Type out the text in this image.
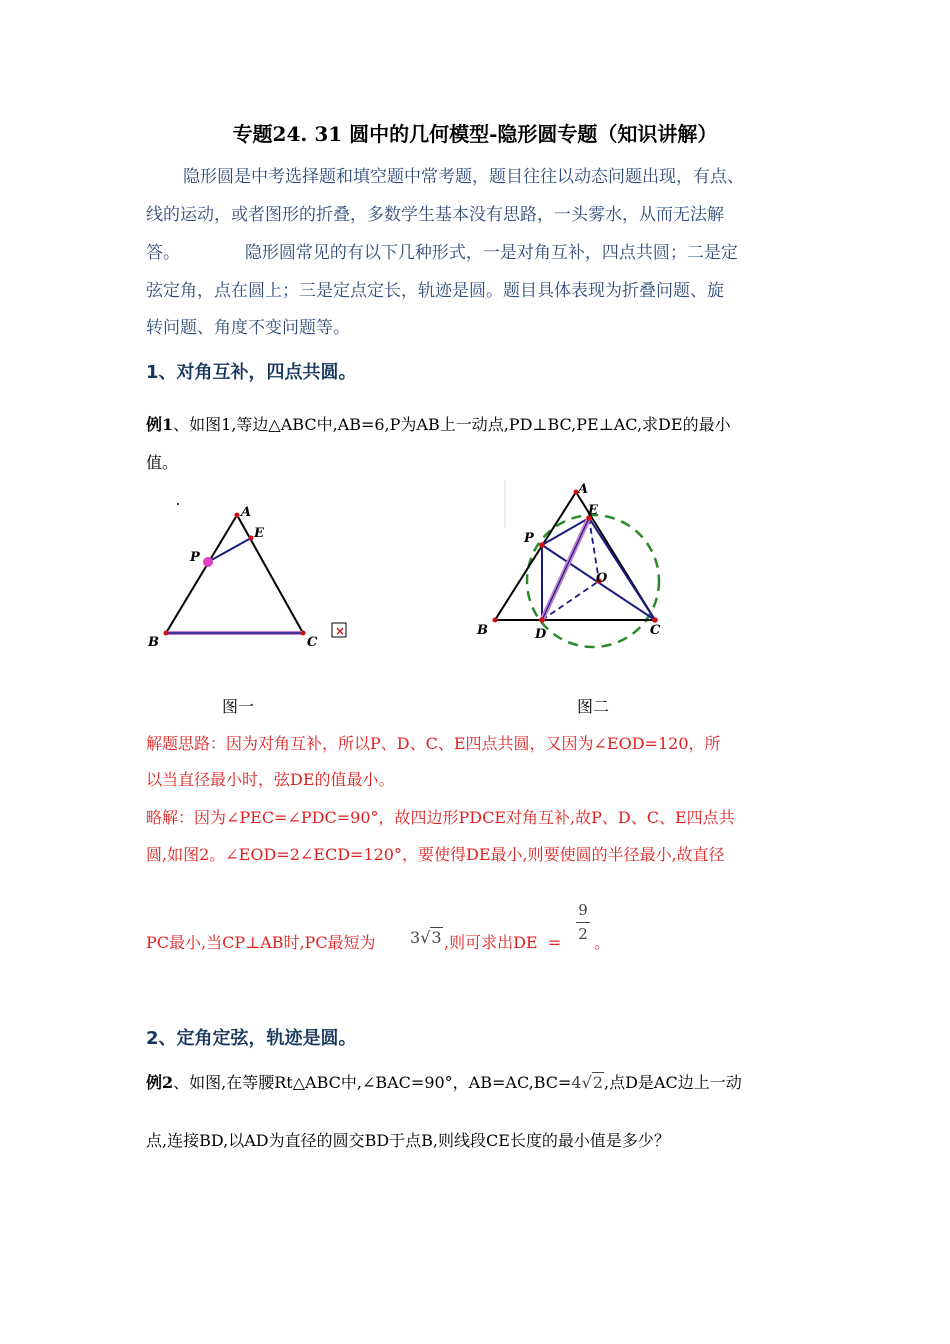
专题24. 31 圆中的几何模型-隐形圆专题（知识讲解）
隐形圆是中考选择题和填空题中常考题，题目往往以动态问题出现，有点、
线的运动，或者图形的折叠，多数学生基本没有思路，一头雾水，从而无法解
答。            隐形圆常见的有以下几种形式，一是对角互补，四点共圆；二是定
弦定角，点在圆上；三是定点定长，轨迹是圆。题目具体表现为折叠问题、旋
转问题、角度不变问题等。
1、对角互补，四点共圆。
例1、如图1,等边△ABC中,AB=6,P为AB上一动点,PD⊥BC,PE⊥AC,求DE的最小
值。
A
E
P
B	C
×
A
E
P
O
B	D	C
图一	图二
解题思路：因为对角互补，所以P、D、C、E四点共圆，又因为∠EOD=120，所
以当直径最小时，弦DE的值最小。
略解：因为∠PEC=∠PDC=90°，故四边形PDCE对角互补,故P、D、C、E四点共
圆,如图2。∠EOD=2∠ECD=120°，要使得DE最小,则要使圆的半径最小,故直径
PC最小,当CP⊥AB时,PC最短为 3√3 ,则可求出DE  =
9
2 。
2、定角定弦，轨迹是圆。
例2、如图,在等腰Rt△ABC中,∠BAC=90°，AB=AC,BC=4√2,点D是AC边上一动
点,连接BD,以AD为直径的圆交BD于点B,则线段CE长度的最小值是多少？
